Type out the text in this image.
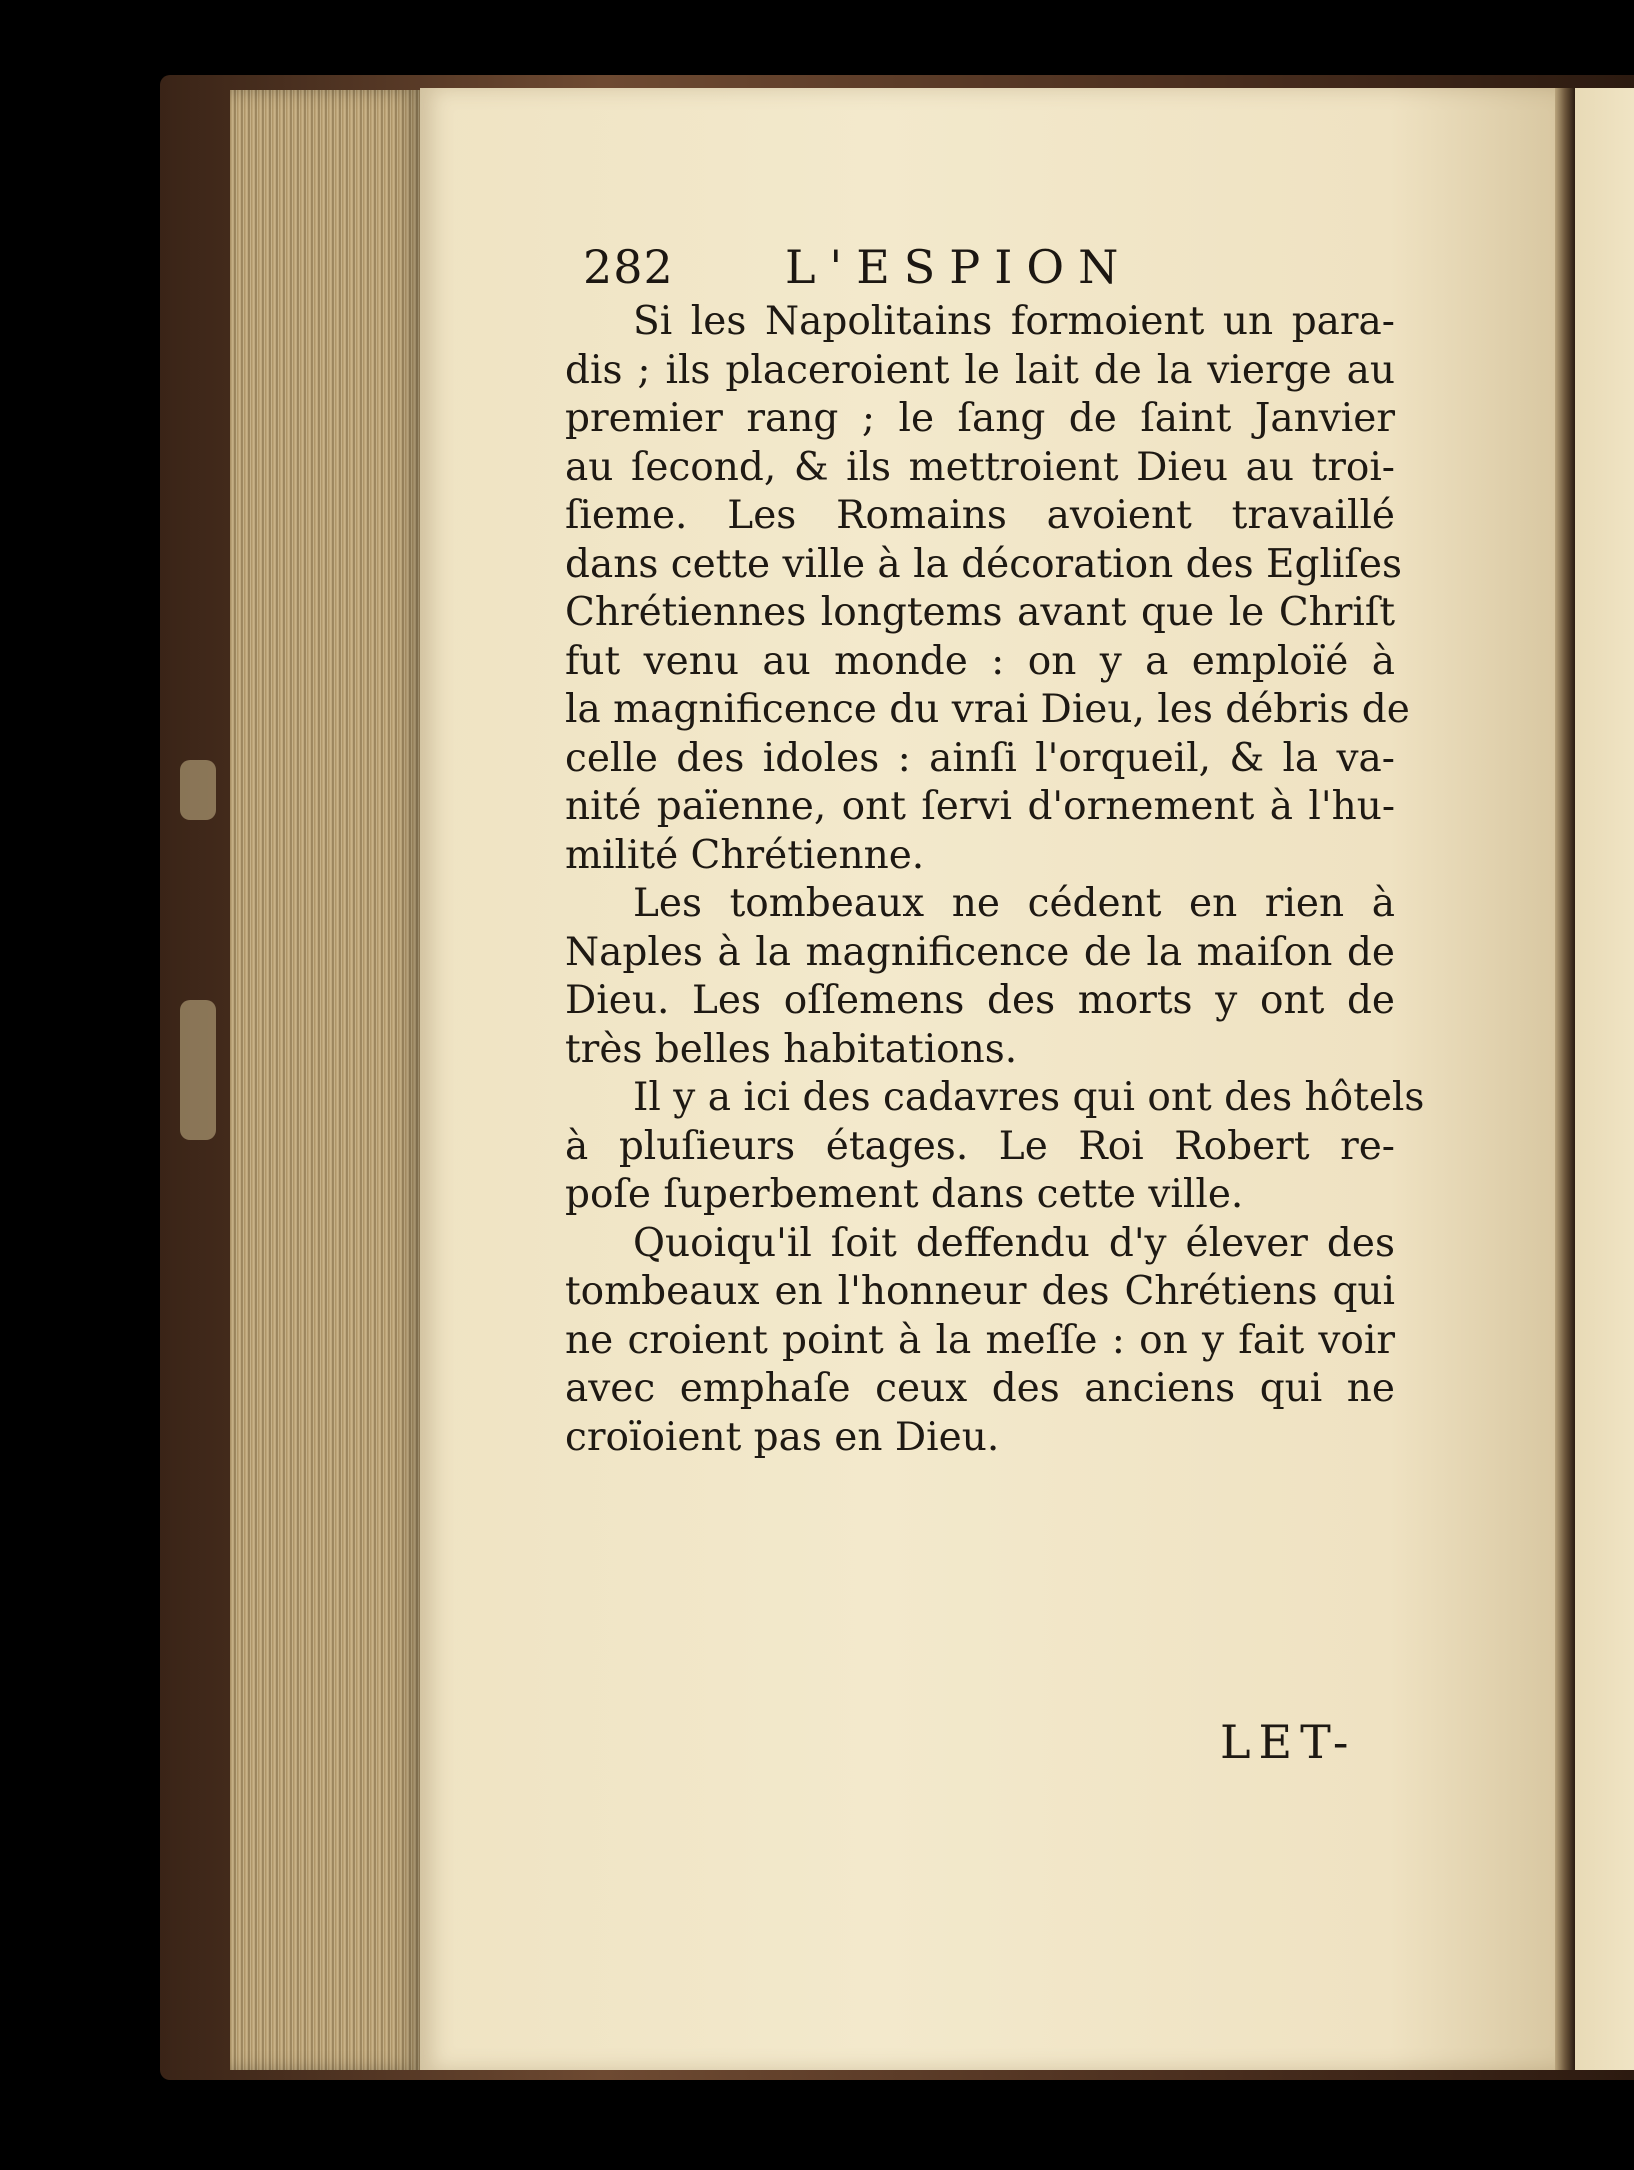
282 L'ESPION
Si les Napolitains formoient un para-
dis ; ils placeroient le lait de la vierge au
premier rang ; le ſang de ſaint Janvier
au ſecond, & ils mettroient Dieu au troi-
ſieme. Les Romains avoient travaillé
dans cette ville à la décoration des Egliſes
Chrétiennes longtems avant que le Chriſt
fut venu au monde : on y a emploïé à
la magnificence du vrai Dieu, les débris de
celle des idoles : ainſi l'orqueil, & la va-
nité païenne, ont ſervi d'ornement à l'hu-
milité Chrétienne.
Les tombeaux ne cédent en rien à
Naples à la magnificence de la maiſon de
Dieu. Les oſſemens des morts y ont de
très belles habitations.
Il y a ici des cadavres qui ont des hôtels
à pluſieurs étages. Le Roi Robert re-
poſe ſuperbement dans cette ville.
Quoiqu'il ſoit deffendu d'y élever des
tombeaux en l'honneur des Chrétiens qui
ne croient point à la meſſe : on y fait voir
avec emphaſe ceux des anciens qui ne
croïoient pas en Dieu.
LET-
